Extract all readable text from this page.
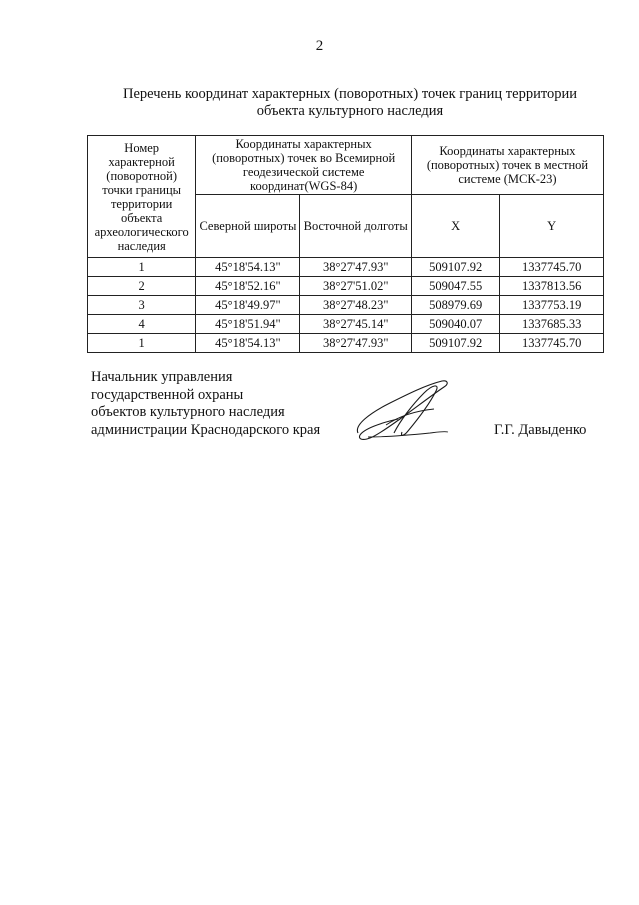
2
Перечень координат характерных (поворотных) точек границ территории
объекта культурного наследия
Номер характерной (поворотной) точки границы территории объекта археологического наследия	Координаты характерных (поворотных) точек во Всемирной геодезической системе координат(WGS-84)		Координаты характерных (поворотных) точек в местной системе (МСК-23)	
	Северной широты	Восточной долготы	X	Y
1	45°18'54.13"	38°27'47.93"	509107.92	1337745.70
2	45°18'52.16"	38°27'51.02"	509047.55	1337813.56
3	45°18'49.97"	38°27'48.23"	508979.69	1337753.19
4	45°18'51.94"	38°27'45.14"	509040.07	1337685.33
1	45°18'54.13"	38°27'47.93"	509107.92	1337745.70
Начальник управления
государственной охраны
объектов культурного наследия
администрации Краснодарского края	Г.Г. Давыденко
